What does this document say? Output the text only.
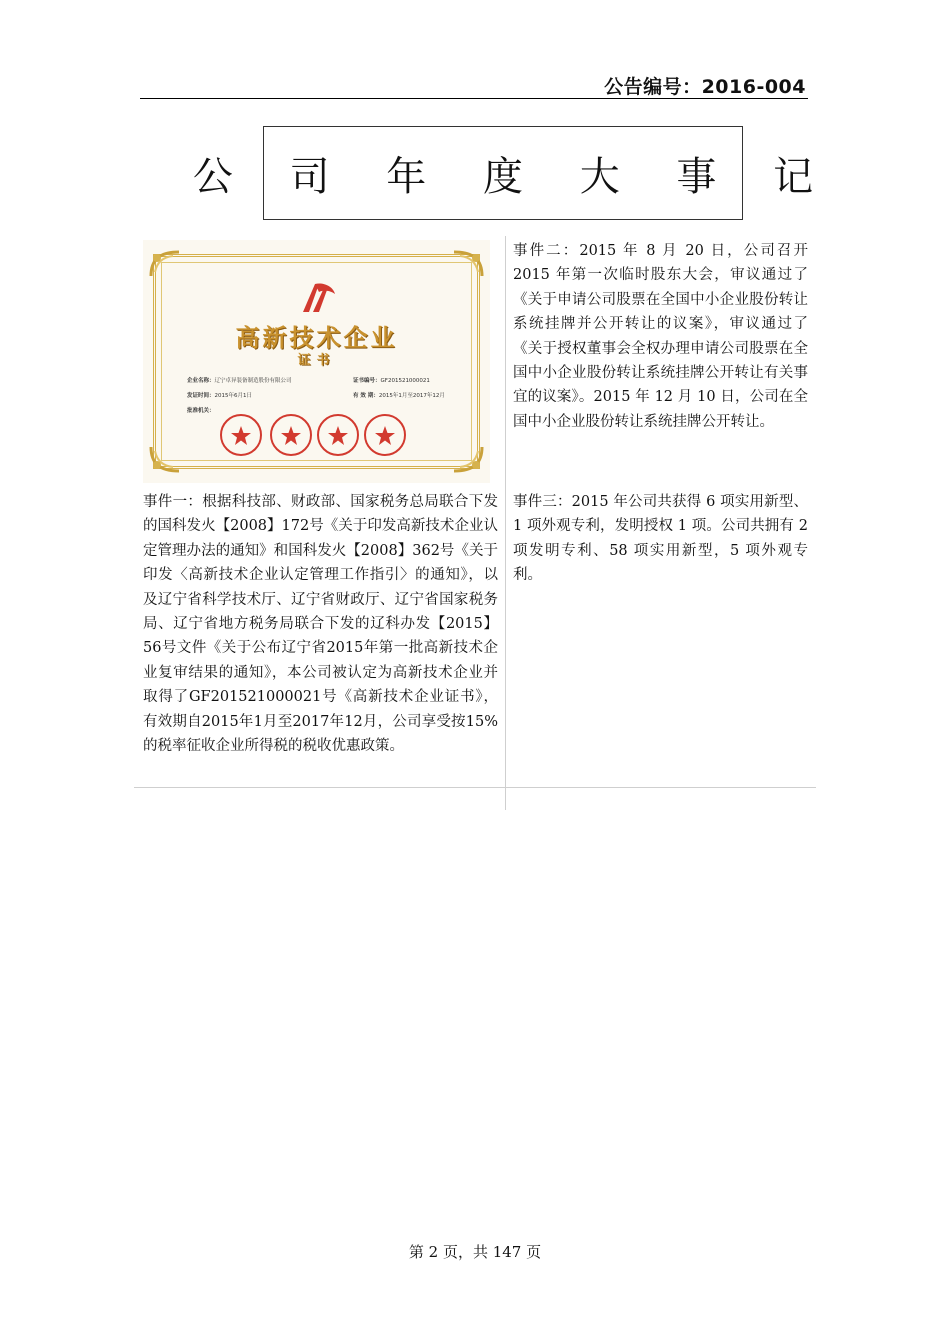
公告编号：2016-004
公 司 年 度 大 事 记
高新技术企业
证书
企业名称：辽宁卓异装备制造股份有限公司	证书编号：GF201521000021
发证时间：2015年6月1日	有 效 期：2015年1月至2017年12月
批准机关：

事件一：根据科技部、财政部、国家税务总局联合下发的国科发火【2008】172号《关于印发高新技术企业认定管理办法的通知》和国科发火【2008】362号《关于印发〈高新技术企业认定管理工作指引〉的通知》，以及辽宁省科学技术厅、辽宁省财政厅、辽宁省国家税务局、辽宁省地方税务局联合下发的辽科办发【2015】56号文件《关于公布辽宁省2015年第一批高新技术企业复审结果的通知》，本公司被认定为高新技术企业并取得了GF201521000021号《高新技术企业证书》，有效期自2015年1月至2017年12月，公司享受按15%的税率征收企业所得税的税收优惠政策。

事件二：2015 年 8 月 20 日，公司召开 2015 年第一次临时股东大会，审议通过了《关于申请公司股票在全国中小企业股份转让系统挂牌并公开转让的议案》，审议通过了《关于授权董事会全权办理申请公司股票在全国中小企业股份转让系统挂牌公开转让有关事宜的议案》。2015 年 12 月 10 日，公司在全国中小企业股份转让系统挂牌公开转让。

事件三：2015 年公司共获得 6 项实用新型、1 项外观专利，发明授权 1 项。公司共拥有 2 项发明专利、58 项实用新型，5 项外观专利。

第 2 页，共 147 页
